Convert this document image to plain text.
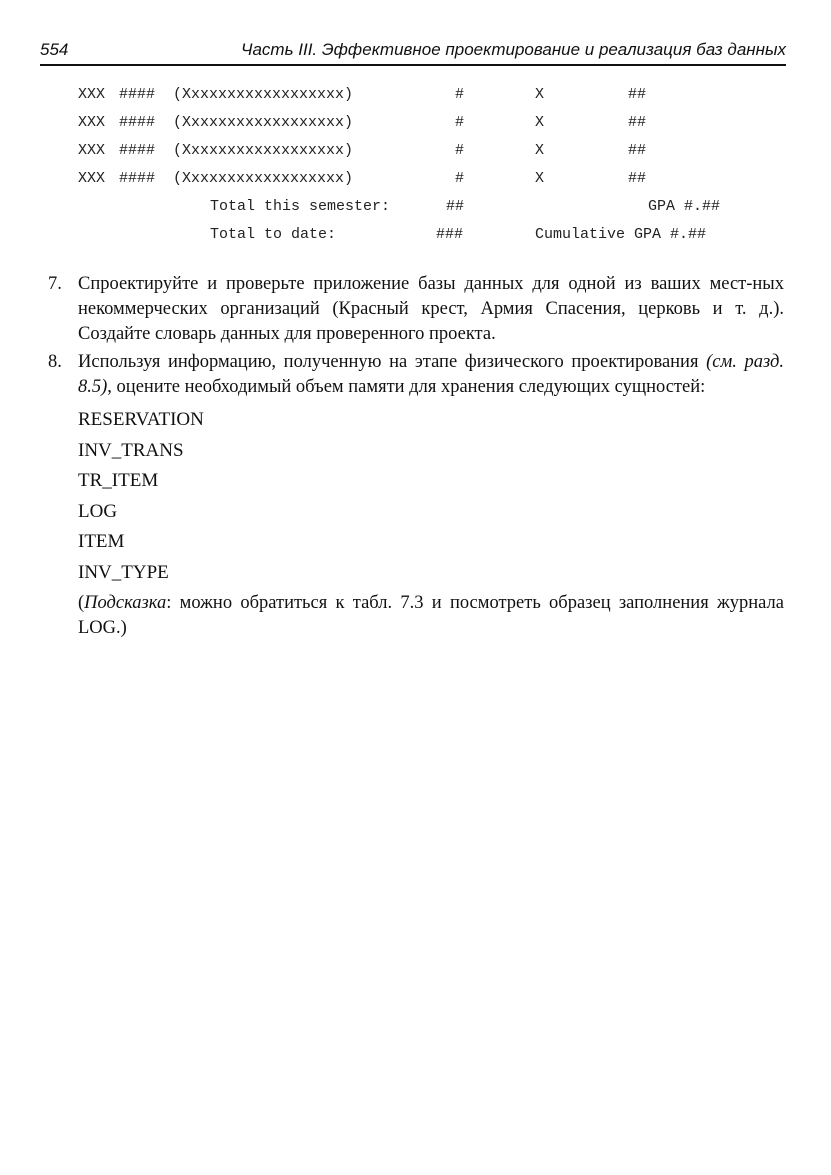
554	Часть III. Эффективное проектирование и реализация баз данных
XXX #### (Xxxxxxxxxxxxxxxxxx)	#	X	##
XXX #### (Xxxxxxxxxxxxxxxxxx)	#	X	##
XXX #### (Xxxxxxxxxxxxxxxxxx)	#	X	##
XXX #### (Xxxxxxxxxxxxxxxxxx)	#	X	##
Total this semester:	##	GPA #.##
Total to date:	###	Cumulative GPA #.##
7. Спроектируйте и проверьте приложение базы данных для одной из ваших мест-ных некоммерческих организаций (Красный крест, Армия Спасения, церковь и т. д.). Создайте словарь данных для проверенного проекта.
8. Используя информацию, полученную на этапе физического проектирования (см. разд. 8.5), оцените необходимый объем памяти для хранения следующих сущностей:
RESERVATION
INV_TRANS
TR_ITEM
LOG
ITEM
INV_TYPE
(Подсказка: можно обратиться к табл. 7.3 и посмотреть образец заполнения журнала LOG.)
